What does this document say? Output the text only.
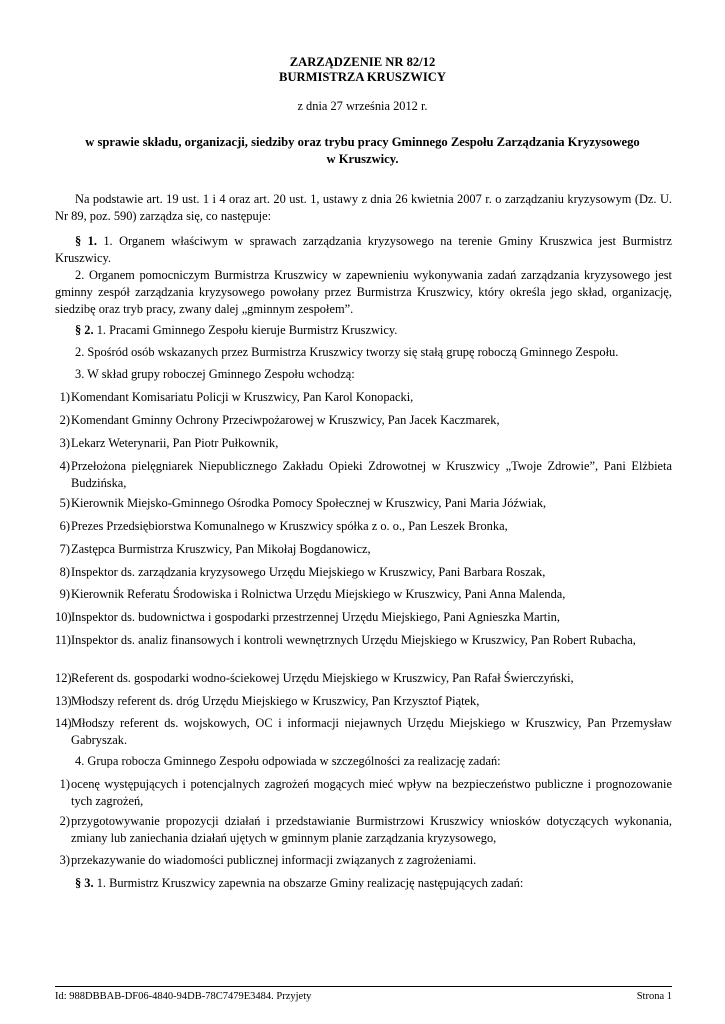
ZARZĄDZENIE NR 82/12
BURMISTRZA KRUSZWICY
z dnia 27 września 2012 r.
w sprawie składu, organizacji, siedziby oraz trybu pracy Gminnego Zespołu Zarządzania Kryzysowego
w Kruszwicy.
Na podstawie art. 19 ust. 1 i 4 oraz art. 20 ust. 1, ustawy z dnia 26 kwietnia 2007 r. o zarządzaniu kryzysowym (Dz. U. Nr 89, poz. 590) zarządza się, co następuje:
§ 1. 1. Organem właściwym w sprawach zarządzania kryzysowego na terenie Gminy Kruszwica jest Burmistrz Kruszwicy.
2. Organem pomocniczym Burmistrza Kruszwicy w zapewnieniu wykonywania zadań zarządzania kryzysowego jest gminny zespół zarządzania kryzysowego powołany przez Burmistrza Kruszwicy, który określa jego skład, organizację, siedzibę oraz tryb pracy, zwany dalej „gminnym zespołem”.
§ 2. 1. Pracami Gminnego Zespołu kieruje Burmistrz Kruszwicy.
2. Spośród osób wskazanych przez Burmistrza Kruszwicy tworzy się stałą grupę roboczą Gminnego Zespołu.
3. W skład grupy roboczej Gminnego Zespołu wchodzą:
1) Komendant Komisariatu Policji w Kruszwicy, Pan Karol Konopacki,
2) Komendant Gminny Ochrony Przeciwpożarowej w Kruszwicy, Pan Jacek Kaczmarek,
3) Lekarz Weterynarii, Pan Piotr Pułkownik,
4) Przełożona pielęgniarek Niepublicznego Zakładu Opieki Zdrowotnej w Kruszwicy „Twoje Zdrowie”, Pani Elżbieta Budzińska,
5) Kierownik Miejsko-Gminnego Ośrodka Pomocy Społecznej w Kruszwicy, Pani Maria Jóźwiak,
6) Prezes Przedsiębiorstwa Komunalnego w Kruszwicy spółka z o. o., Pan Leszek Bronka,
7) Zastępca Burmistrza Kruszwicy, Pan Mikołaj Bogdanowicz,
8) Inspektor ds. zarządzania kryzysowego Urzędu Miejskiego w Kruszwicy, Pani Barbara Roszak,
9) Kierownik Referatu Środowiska i Rolnictwa Urzędu Miejskiego w Kruszwicy, Pani Anna Malenda,
10) Inspektor ds. budownictwa i gospodarki przestrzennej Urzędu Miejskiego, Pani Agnieszka Martin,
11) Inspektor ds. analiz finansowych i kontroli wewnętrznych Urzędu Miejskiego w Kruszwicy, Pan Robert Rubacha,
12) Referent ds. gospodarki wodno-ściekowej Urzędu Miejskiego w Kruszwicy, Pan Rafał Świerczyński,
13) Młodszy referent ds. dróg Urzędu Miejskiego w Kruszwicy, Pan Krzysztof Piątek,
14) Młodszy referent ds. wojskowych, OC i informacji niejawnych Urzędu Miejskiego w Kruszwicy, Pan Przemysław Gabryszak.
4. Grupa robocza Gminnego Zespołu odpowiada w szczególności za realizację zadań:
1) ocenę występujących i potencjalnych zagrożeń mogących mieć wpływ na bezpieczeństwo publiczne i prognozowanie tych zagrożeń,
2) przygotowywanie propozycji działań i przedstawianie Burmistrzowi Kruszwicy wniosków dotyczących wykonania, zmiany lub zaniechania działań ujętych w gminnym planie zarządzania kryzysowego,
3) przekazywanie do wiadomości publicznej informacji związanych z zagrożeniami.
§ 3. 1. Burmistrz Kruszwicy zapewnia na obszarze Gminy realizację następujących zadań:
Id: 988DBBAB-DF06-4840-94DB-78C7479E3484. Przyjety	Strona 1
